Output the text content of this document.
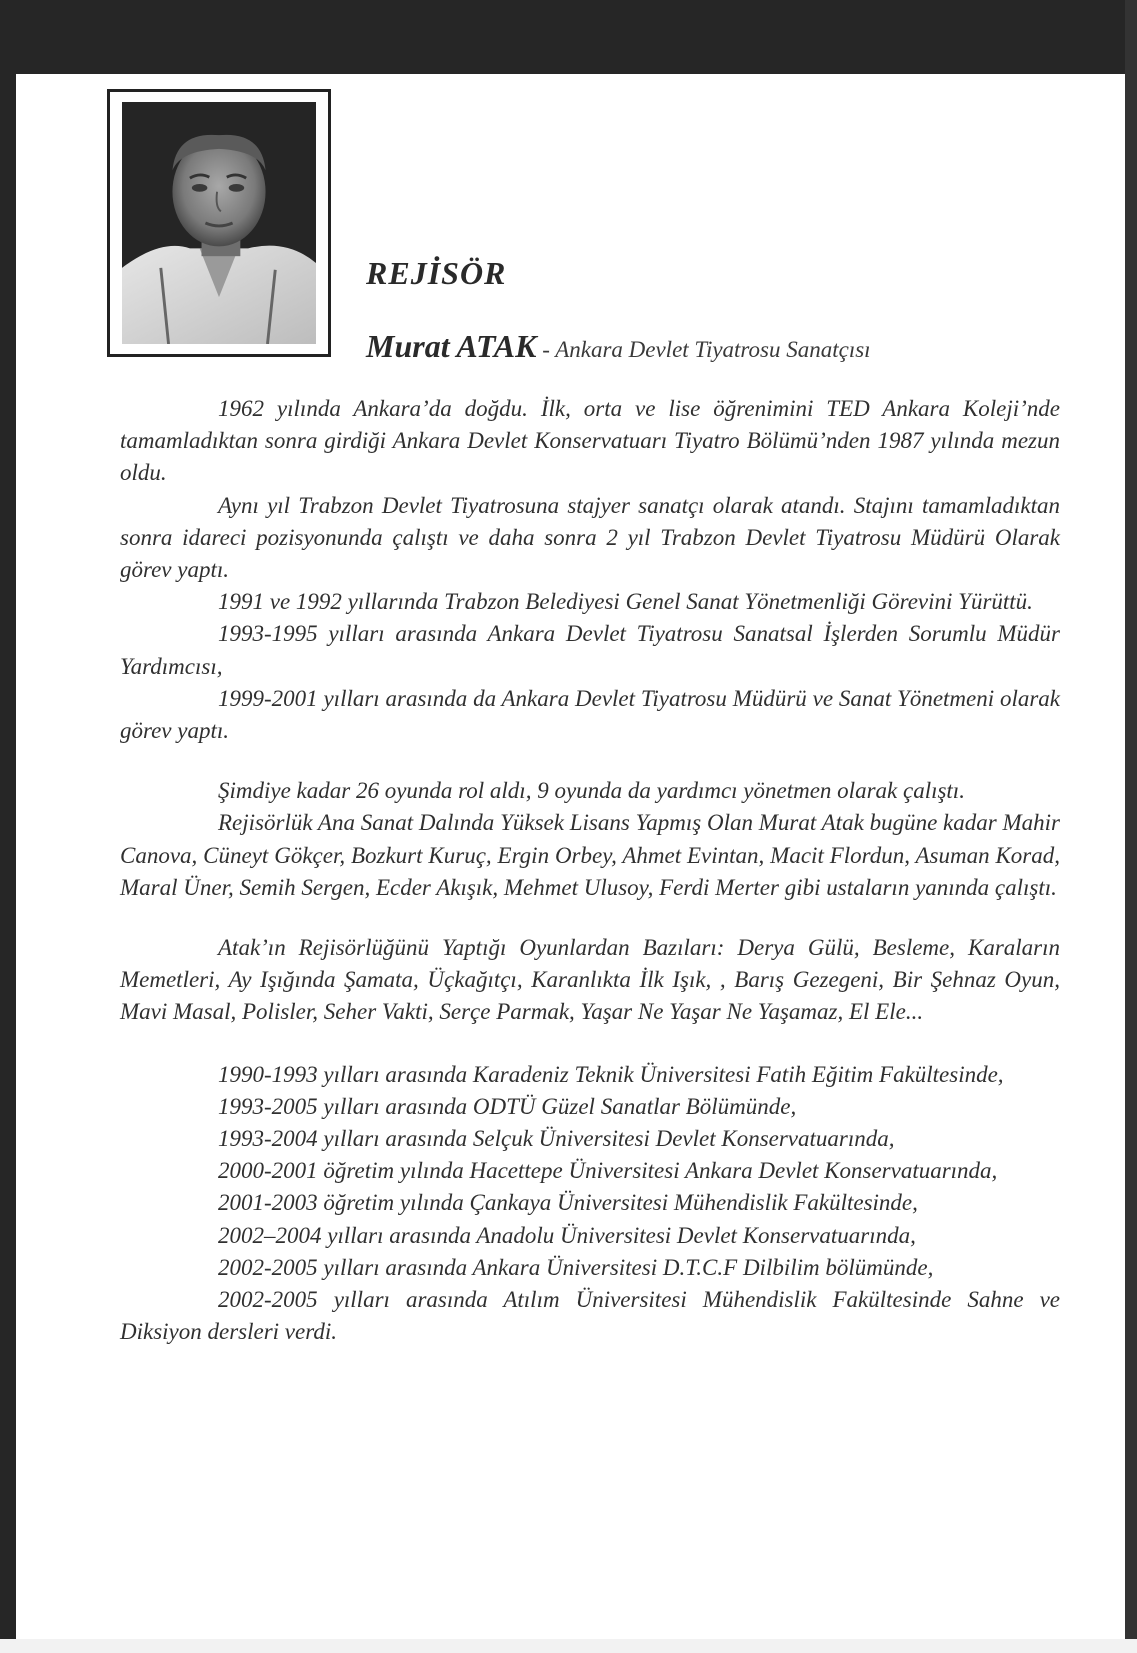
REJİSÖR
Murat ATAK - Ankara Devlet Tiyatrosu Sanatçısı

1962 yılında Ankara’da doğdu. İlk, orta ve lise öğrenimini TED Ankara Koleji’nde tamamladıktan sonra girdiği Ankara Devlet Konservatuarı Tiyatro Bölümü’nden 1987 yılında mezun oldu.

Aynı yıl Trabzon Devlet Tiyatrosuna stajyer sanatçı olarak atandı. Stajını tamamladıktan sonra idareci pozisyonunda çalıştı ve daha sonra 2 yıl Trabzon Devlet Tiyatrosu Müdürü Olarak görev yaptı.

1991 ve 1992 yıllarında Trabzon Belediyesi Genel Sanat Yönetmenliği Görevini Yürüttü.

1993-1995 yılları arasında Ankara Devlet Tiyatrosu Sanatsal İşlerden Sorumlu Müdür Yardımcısı,

1999-2001 yılları arasında da Ankara Devlet Tiyatrosu Müdürü ve Sanat Yönetmeni olarak görev yaptı.

Şimdiye kadar 26 oyunda rol aldı, 9 oyunda da yardımcı yönetmen olarak çalıştı.

Rejisörlük Ana Sanat Dalında Yüksek Lisans Yapmış Olan Murat Atak bugüne kadar Mahir Canova, Cüneyt Gökçer, Bozkurt Kuruç, Ergin Orbey, Ahmet Evintan, Macit Flordun, Asuman Korad, Maral Üner, Semih Sergen, Ecder Akışık, Mehmet Ulusoy, Ferdi Merter gibi ustaların yanında çalıştı.

Atak’ın Rejisörlüğünü Yaptığı Oyunlardan Bazıları: Derya Gülü, Besleme, Karaların Memetleri, Ay Işığında Şamata, Üçkağıtçı, Karanlıkta İlk Işık, , Barış Gezegeni, Bir Şehnaz Oyun, Mavi Masal, Polisler, Seher Vakti, Serçe Parmak, Yaşar Ne Yaşar Ne Yaşamaz, El Ele...

1990-1993 yılları arasında Karadeniz Teknik Üniversitesi Fatih Eğitim Fakültesinde,

1993-2005 yılları arasında ODTÜ Güzel Sanatlar Bölümünde,

1993-2004 yılları arasında Selçuk Üniversitesi Devlet Konservatuarında,

2000-2001 öğretim yılında Hacettepe Üniversitesi Ankara Devlet Konservatuarında,

2001-2003 öğretim yılında Çankaya Üniversitesi Mühendislik Fakültesinde,

2002–2004 yılları arasında Anadolu Üniversitesi Devlet Konservatuarında,

2002-2005 yılları arasında Ankara Üniversitesi D.T.C.F Dilbilim bölümünde,

2002-2005 yılları arasında Atılım Üniversitesi Mühendislik Fakültesinde Sahne ve Diksiyon dersleri verdi.
